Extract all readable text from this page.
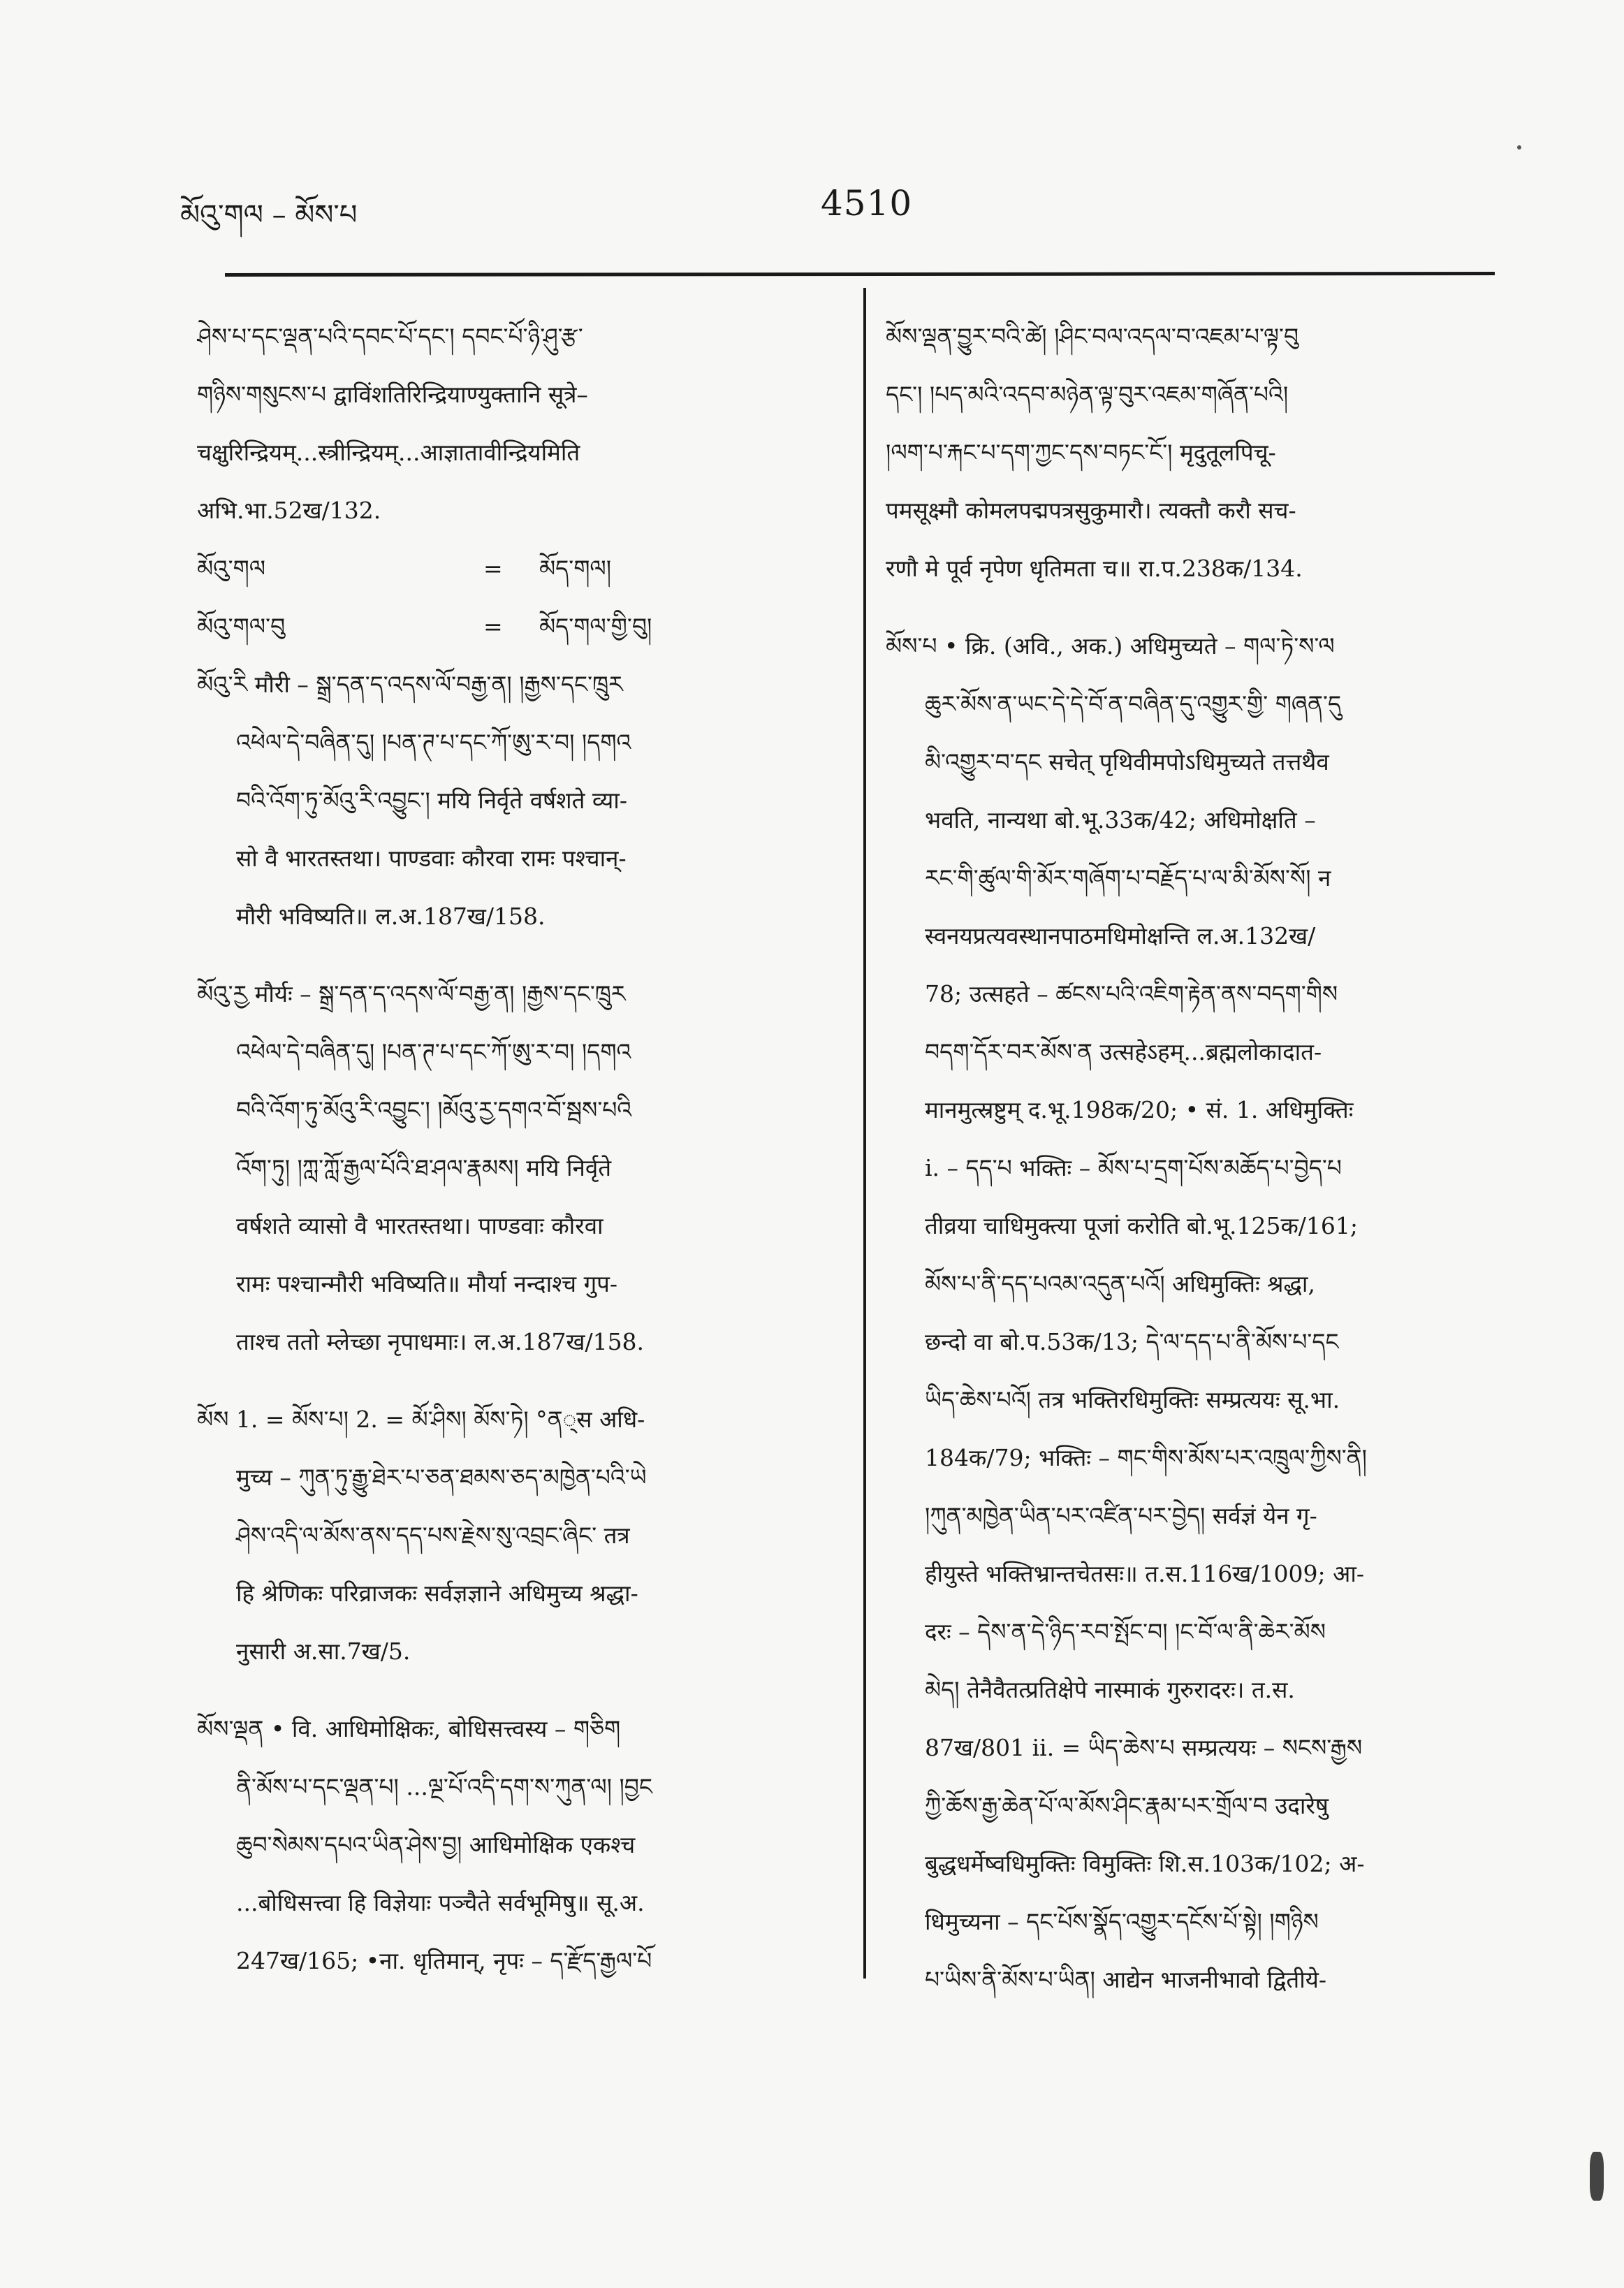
མོའུ་གལ – མོས་པ	4510
ཤེས་པ་དང་ལྡན་པའི་དབང་པོ་དང་། དབང་པོ་ཉི་ཤུ་རྩ་
གཉིས་གསུངས་པ द्वाविंशतिरिन्द्रियाण्युक्तानि सूत्रे–
चक्षुरिन्द्रियम्...स्त्रीन्द्रियम्...आज्ञातावीन्द्रियमिति
अभि.भा.52ख/132.
མོའུ་གལ	=	མོད་གལ།
མོའུ་གལ་བུ	=	མོད་གལ་གྱི་བུ།
མོའུ་རི मौरी – སྒྲ་དན་ད་འདས་ལོ་བརྒྱ་ན། །རྒྱས་དང་ཁྲུར
འཕེལ་དེ་བཞིན་དུ། །པན་ཊ་པ་དང་ཀོ་ཨུ་ར་བ། །དགའ
བའི་འོག་ཏུ་མོའུ་རི་འབྱུང་། मयि निर्वृते वर्षशते व्या-
सो वै भारतस्तथा। पाण्डवाः कौरवा रामः पश्चान्-
मौरी भविष्यति॥ ल.अ.187ख/158.
མོའུ་རྱ मौर्यः – སྒྲ་དན་ད་འདས་ལོ་བརྒྱ་ན། །རྒྱས་དང་ཁྲུར
འཕེལ་དེ་བཞིན་དུ། །པན་ཊ་པ་དང་ཀོ་ཨུ་ར་བ། །དགའ
བའི་འོག་ཏུ་མོའུ་རི་འབྱུང་། །མོའུ་རྱ་དགའ་བོ་སྦས་པའི
འོག་ཏུ། །ཀླ་ཀློ་རྒྱལ་པོའི་ཐ་ཤལ་རྣམས། मयि निर्वृते
वर्षशते व्यासो वै भारतस्तथा। पाण्डवाः कौरवा
रामः पश्चान्मौरी भविष्यति॥ मौर्या नन्दाश्च गुप-
ताश्च ततो म्लेच्छा नृपाधमाः। ल.अ.187ख/158.
མོས 1. = མོས་པ། 2. = མོ་ཤིས། མོས་ཏེ། °ན्स अधि-
मुच्य – ཀུན་ཏུ་རྒྱུ་ཐེར་པ་ཅན་ཐམས་ཅད་མཁྱེན་པའི་ཡེ
ཤེས་འདི་ལ་མོས་ནས་དད་པས་རྗེས་སུ་འབྲང་ཞིང་ तत्र
हि श्रेणिकः परिव्राजकः सर्वज्ञज्ञाने अधिमुच्य श्रद्धा-
नुसारी अ.सा.7ख/5.
མོས་ལྡན • वि. आधिमोक्षिकः, बोधिसत्त्वस्य – གཅིག
ནི་མོས་པ་དང་ལྡན་པ། ...ལྔ་པོ་འདི་དག་ས་ཀུན་ལ། །བྱང
ཆུབ་སེམས་དཔའ་ཡིན་ཤེས་བྱ། आधिमोक्षिक एकश्च
...बोधिसत्त्वा हि विज्ञेयाः पञ्चैते सर्वभूमिषु॥ सू.अ.
247ख/165; •ना. धृतिमान्, नृपः – ད་རྫོད་རྒྱལ་པོ
མོས་ལྡན་བྱུར་བའི་ཚེ། །ཤིང་བལ་འདལ་བ་འཇམ་པ་ལྟ་བུ
དང་། །པད་མའི་འདབ་མཉེན་ལྟ་བུར་འཇམ་གཞོན་པའི།
།ལག་པ་རྐང་པ་དག་ཀྱང་དས་བཏང་ངོ་། मृदुतूलपिचू-
पमसूक्ष्मौ कोमलपद्मपत्रसुकुमारौ। त्यक्तौ करौ सच-
रणौ मे पूर्व नृपेण धृतिमता च॥ रा.प.238क/134.
མོས་པ • क्रि. (अवि., अक.) अधिमुच्यते – གལ་ཏེ་ས་ལ
ཆུར་མོས་ན་ཡང་དེ་དེ་བོ་ན་བཞིན་དུ་འགྱུར་གྱི་ གཞན་དུ
མི་འགྱུར་བ་དང सचेत् पृथिवीमपोऽधिमुच्यते तत्तथैव
भवति, नान्यथा बो.भू.33क/42; अधिमोक्षति –
རང་གི་ཚུལ་གི་མོར་གཞོག་པ་བརྗོད་པ་ལ་མི་མོས་སོ། न
स्वनयप्रत्यवस्थानपाठमधिमोक्षन्ति ल.अ.132ख/
78; उत्सहते – ཚངས་པའི་འཇིག་རྟེན་ནས་བདག་གིས
བདག་དོར་བར་མོས་ན उत्सहेऽहम्...ब्रह्मलोकादात-
मानमुत्स्रष्टुम् द.भू.198क/20; • सं. 1. अधिमुक्तिः
i. – དད་པ भक्तिः – མོས་པ་དྲག་པོས་མཆོད་པ་བྱེད་པ
तीव्रया चाधिमुक्त्या पूजां करोति बो.भू.125क/161;
མོས་པ་ནི་དད་པའམ་འདུན་པའོ། अधिमुक्तिः श्रद्धा,
छन्दो वा बो.प.53क/13; དེ་ལ་དད་པ་ནི་མོས་པ་དང
ཡིད་ཆེས་པའོ། तत्र भक्तिरधिमुक्तिः सम्प्रत्ययः सू.भा.
184क/79; भक्तिः – གང་གིས་མོས་པར་འཁྲུལ་ཀྱིས་ནི།
།ཀུན་མཁྱེན་ཡིན་པར་འཛིན་པར་བྱེད། सर्वज्ञं येन गृ-
हीयुस्ते भक्तिभ्रान्तचेतसः॥ त.स.116ख/1009; आ-
दरः – དེས་ན་དེ་ཉིད་རབ་སྤོང་བ། །ང་བོ་ལ་ནི་ཆེར་མོས
མེད། तेनैवैतत्प्रतिक्षेपे नास्माकं गुरुरादरः। त.स.
87ख/801 ii. = ཡིད་ཆེས་པ सम्प्रत्ययः – སངས་རྒྱས
ཀྱི་ཆོས་རྒྱ་ཆེན་པོ་ལ་མོས་ཤིང་རྣམ་པར་གྲོལ་བ उदारेषु
बुद्धधर्मेष्वधिमुक्तिः विमुक्तिः शि.स.103क/102; अ-
धिमुच्यना – དང་པོས་སྣོད་འགྱུར་དངོས་པོ་སྟེ། །གཉིས
པ་ཡིས་ནི་མོས་པ་ཡིན། आद्येन भाजनीभावो द्वितीये-
